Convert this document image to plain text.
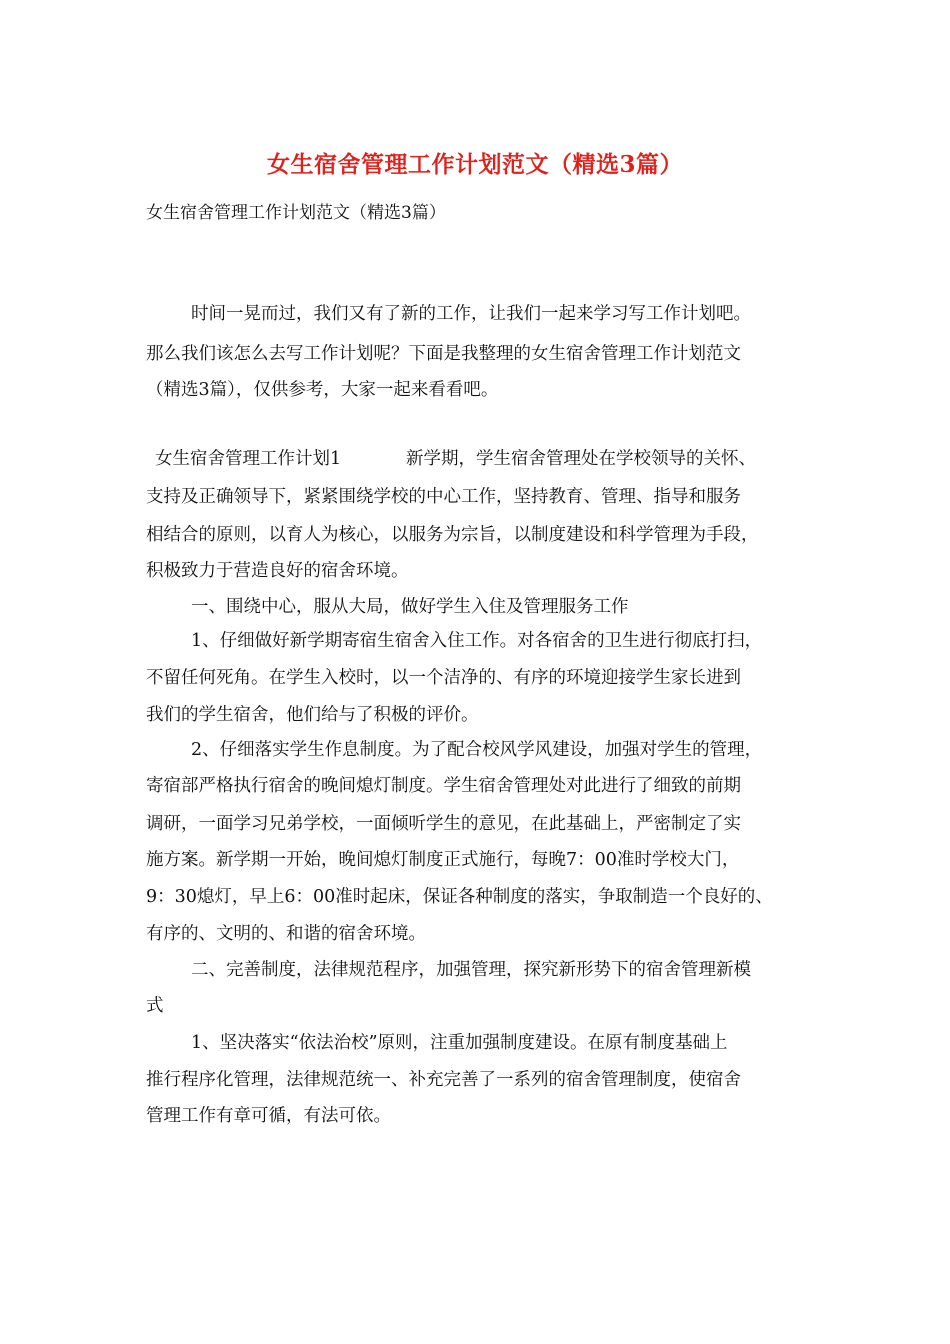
女生宿舍管理工作计划范文（精选3篇）
女生宿舍管理工作计划范文（精选3篇）
时间一晃而过，我们又有了新的工作，让我们一起来学习写工作计划吧。
那么我们该怎么去写工作计划呢？下面是我整理的女生宿舍管理工作计划范文
（精选3篇），仅供参考，大家一起来看看吧。
女生宿舍管理工作计划1	新学期，学生宿舍管理处在学校领导的关怀、
支持及正确领导下，紧紧围绕学校的中心工作，坚持教育、管理、指导和服务
相结合的原则，以育人为核心，以服务为宗旨，以制度建设和科学管理为手段，
积极致力于营造良好的宿舍环境。
一、围绕中心，服从大局，做好学生入住及管理服务工作
1、仔细做好新学期寄宿生宿舍入住工作。对各宿舍的卫生进行彻底打扫，
不留任何死角。在学生入校时，以一个洁净的、有序的环境迎接学生家长进到
我们的学生宿舍，他们给与了积极的评价。
2、仔细落实学生作息制度。为了配合校风学风建设，加强对学生的管理，
寄宿部严格执行宿舍的晚间熄灯制度。学生宿舍管理处对此进行了细致的前期
调研，一面学习兄弟学校，一面倾听学生的意见，在此基础上，严密制定了实
施方案。新学期一开始，晚间熄灯制度正式施行，每晚7：00准时学校大门，
9：30熄灯，早上6：00准时起床，保证各种制度的落实，争取制造一个良好的、
有序的、文明的、和谐的宿舍环境。
二、完善制度，法律规范程序，加强管理，探究新形势下的宿舍管理新模
式
1、坚决落实“依法治校”原则，注重加强制度建设。在原有制度基础上
推行程序化管理，法律规范统一、补充完善了一系列的宿舍管理制度，使宿舍
管理工作有章可循，有法可依。
